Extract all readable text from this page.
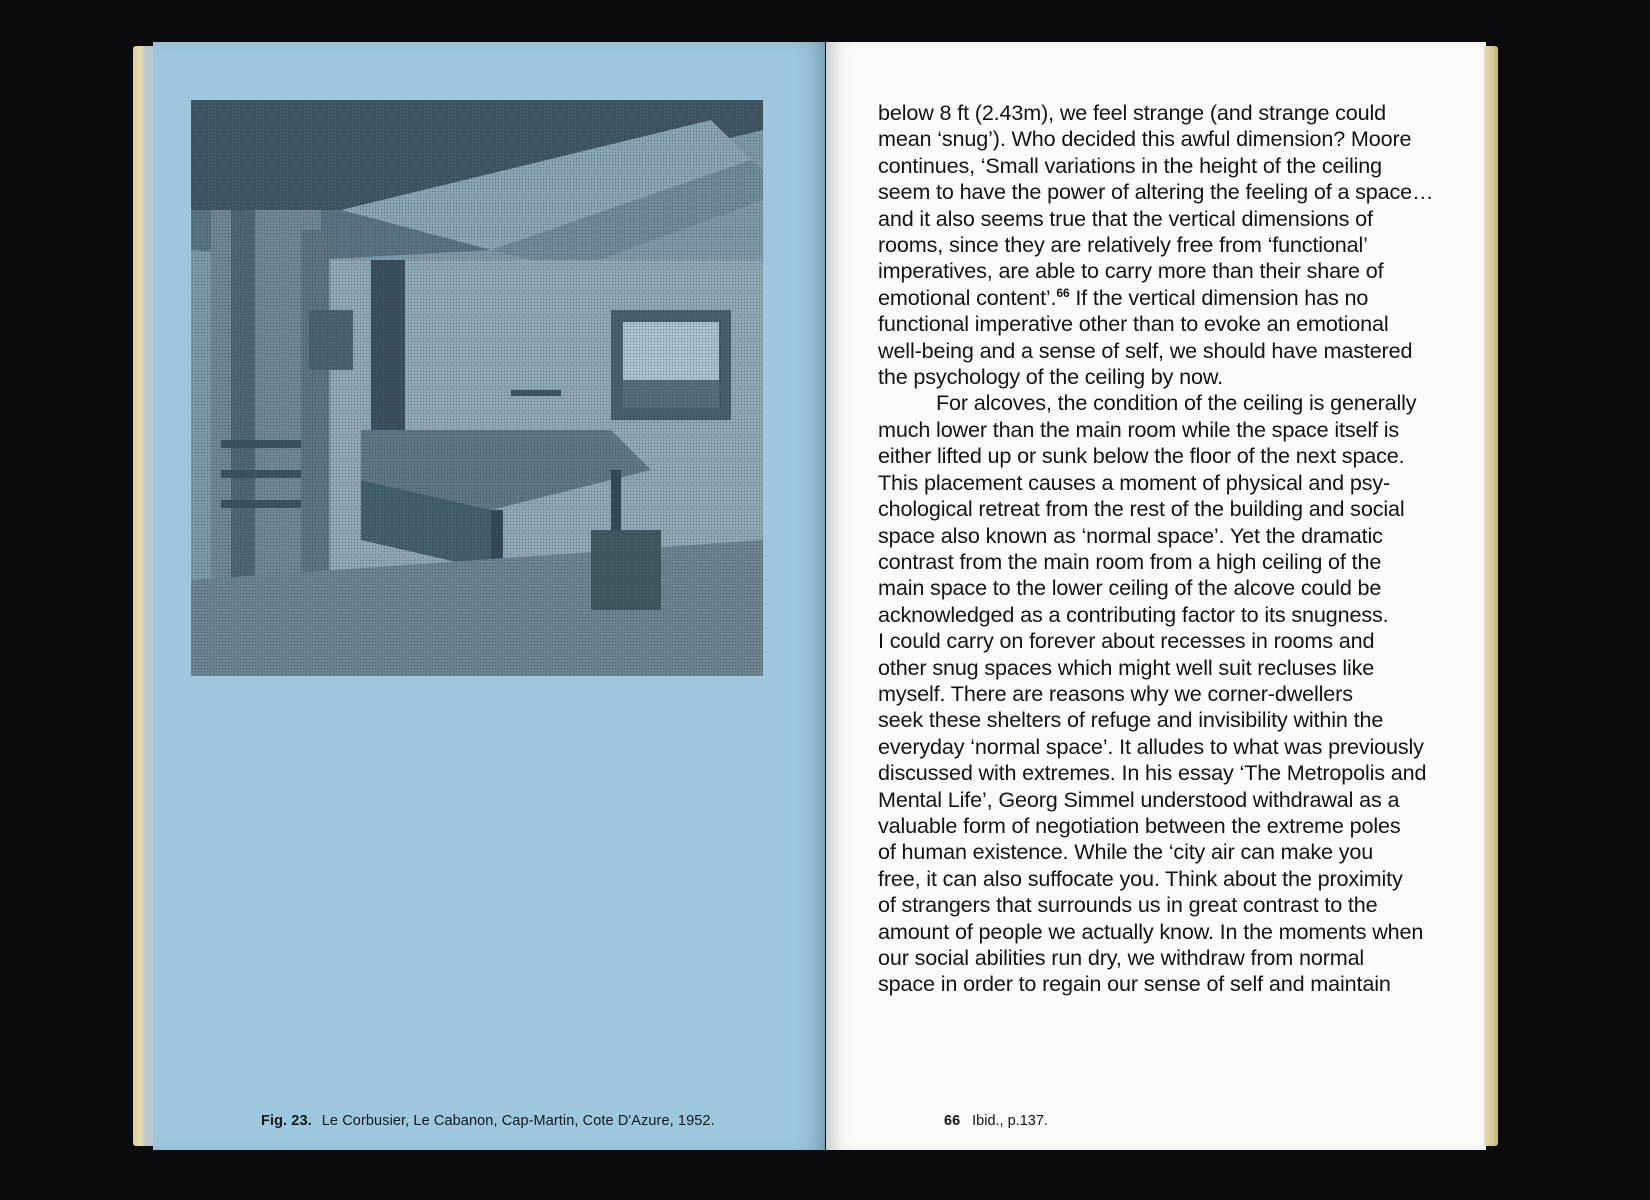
Fig. 23. Le Corbusier, Le Cabanon, Cap-Martin, Cote D'Azure, 1952.
below 8 ft (2.43m), we feel strange (and strange could
mean ‘snug’). Who decided this awful dimension? Moore
continues, ‘Small variations in the height of the ceiling
seem to have the power of altering the feeling of a space…
and it also seems true that the vertical dimensions of
rooms, since they are relatively free from ‘functional’
imperatives, are able to carry more than their share of
emotional content’.$^{66}$ If the vertical dimension has no
functional imperative other than to evoke an emotional
well-being and a sense of self, we should have mastered
the psychology of the ceiling by now.
For alcoves, the condition of the ceiling is generally
much lower than the main room while the space itself is
either lifted up or sunk below the floor of the next space.
This placement causes a moment of physical and psy-
chological retreat from the rest of the building and social
space also known as ‘normal space’. Yet the dramatic
contrast from the main room from a high ceiling of the
main space to the lower ceiling of the alcove could be
acknowledged as a contributing factor to its snugness.
I could carry on forever about recesses in rooms and
other snug spaces which might well suit recluses like
myself. There are reasons why we corner-dwellers
seek these shelters of refuge and invisibility within the
everyday ‘normal space’. It alludes to what was previously
discussed with extremes. In his essay ‘The Metropolis and
Mental Life’, Georg Simmel understood withdrawal as a
valuable form of negotiation between the extreme poles
of human existence. While the ‘city air can make you
free, it can also suffocate you. Think about the proximity
of strangers that surrounds us in great contrast to the
amount of people we actually know. In the moments when
our social abilities run dry, we withdraw from normal
space in order to regain our sense of self and maintain
66 Ibid., p.137.
